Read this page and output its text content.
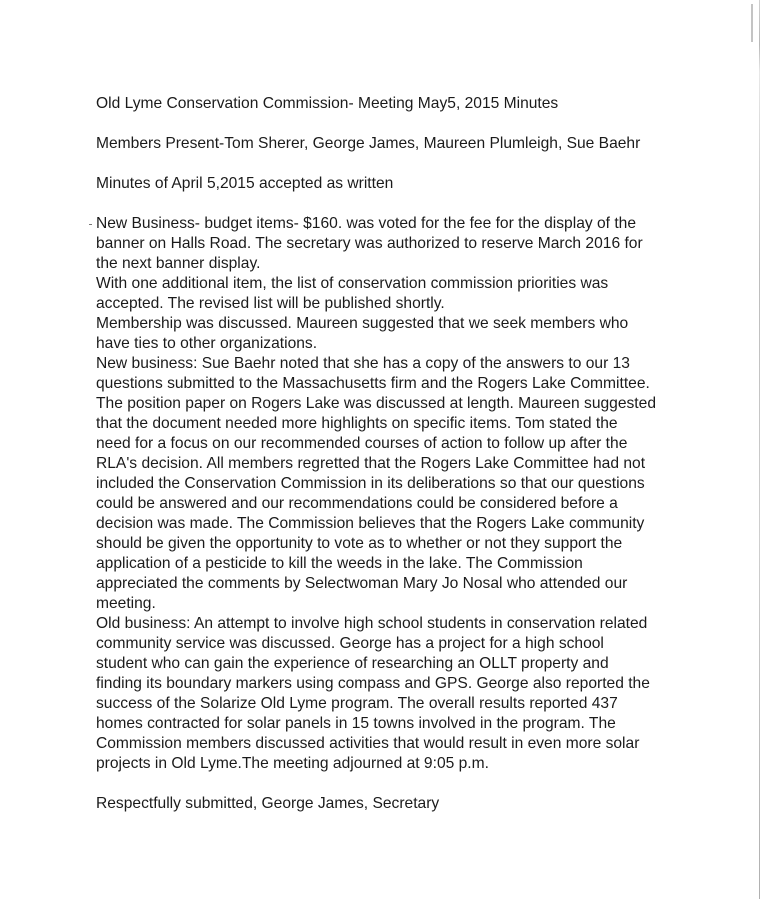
Old Lyme Conservation Commission- Meeting May5, 2015 Minutes

Members Present-Tom Sherer, George James, Maureen Plumleigh, Sue Baehr

Minutes of April 5,2015 accepted as written

New Business- budget items- $160. was voted for the fee for the display of the
banner on Halls Road. The secretary was authorized to reserve March 2016 for
the next banner display.

With one additional item, the list of conservation commission priorities was
accepted. The revised list will be published shortly.

Membership was discussed. Maureen suggested that we seek members who
have ties to other organizations.

New business: Sue Baehr noted that she has a copy of the answers to our 13
questions submitted to the Massachusetts firm and the Rogers Lake Committee.
The position paper on Rogers Lake was discussed at length. Maureen suggested
that the document needed more highlights on specific items. Tom stated the
need for a focus on our recommended courses of action to follow up after the
RLA's decision. All members regretted that the Rogers Lake Committee had not
included the Conservation Commission in its deliberations so that our questions
could be answered and our recommendations could be considered before a
decision was made. The Commission believes that the Rogers Lake community
should be given the opportunity to vote as to whether or not they support the
application of a pesticide to kill the weeds in the lake. The Commission
appreciated the comments by Selectwoman Mary Jo Nosal who attended our
meeting.

Old business: An attempt to involve high school students in conservation related
community service was discussed. George has a project for a high school
student who can gain the experience of researching an OLLT property and
finding its boundary markers using compass and GPS. George also reported the
success of the Solarize Old Lyme program. The overall results reported 437
homes contracted for solar panels in 15 towns involved in the program. The
Commission members discussed activities that would result in even more solar
projects in Old Lyme.The meeting adjourned at 9:05 p.m.

Respectfully submitted, George James, Secretary
